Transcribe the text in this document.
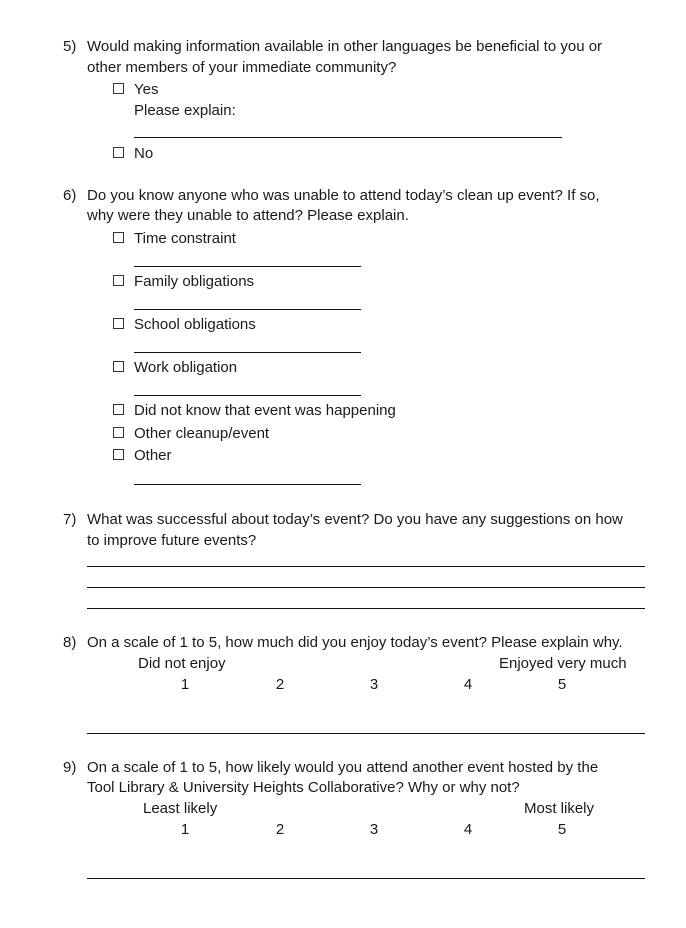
5) Would making information available in other languages be beneficial to you or
other members of your immediate community?
Yes
Please explain:
No
6) Do you know anyone who was unable to attend today’s clean up event? If so,
why were they unable to attend? Please explain.
Time constraint
Family obligations
School obligations
Work obligation
Did not know that event was happening
Other cleanup/event
Other
7) What was successful about today’s event? Do you have any suggestions on how
to improve future events?
8) On a scale of 1 to 5, how much did you enjoy today’s event? Please explain why.
Did not enjoy	Enjoyed very much
1	2	3	4	5
9) On a scale of 1 to 5, how likely would you attend another event hosted by the
Tool Library & University Heights Collaborative? Why or why not?
Least likely	Most likely
1	2	3	4	5
